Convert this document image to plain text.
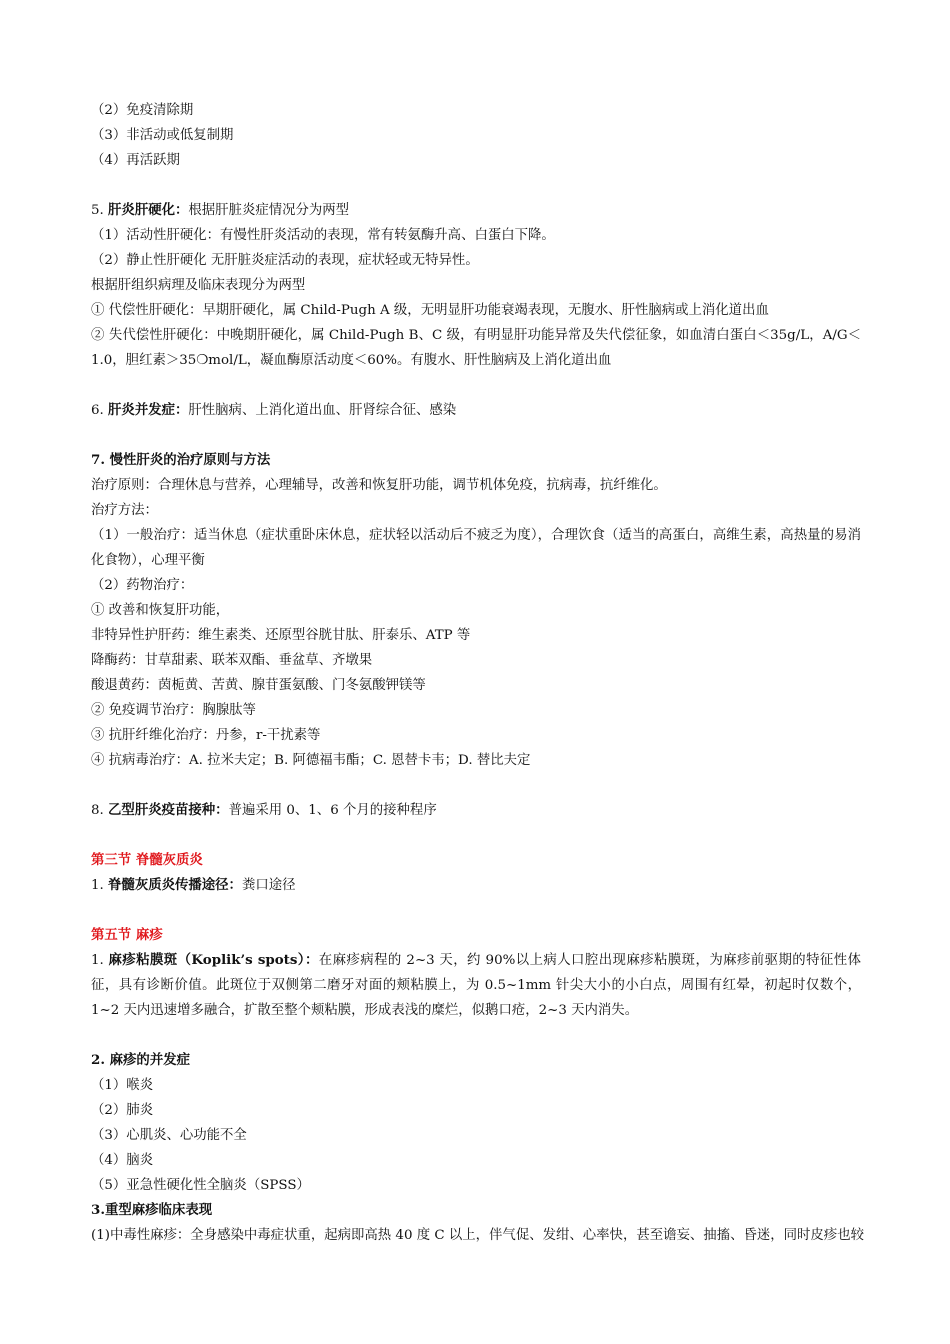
（2）免疫清除期
（3）非活动或低复制期
（4）再活跃期
5. 肝炎肝硬化：根据肝脏炎症情况分为两型
（1）活动性肝硬化：有慢性肝炎活动的表现，常有转氨酶升高、白蛋白下降。
（2）静止性肝硬化 无肝脏炎症活动的表现，症状轻或无特异性。
根据肝组织病理及临床表现分为两型
① 代偿性肝硬化：早期肝硬化，属 Child-Pugh A 级，无明显肝功能衰竭表现，无腹水、肝性脑病或上消化道出血
② 失代偿性肝硬化：中晚期肝硬化，属 Child-Pugh B、C 级，有明显肝功能异常及失代偿征象，如血清白蛋白＜35g/L，A/G＜1.0，胆红素＞35❍mol/L，凝血酶原活动度＜60%。有腹水、肝性脑病及上消化道出血
6. 肝炎并发症：肝性脑病、上消化道出血、肝肾综合征、感染
7. 慢性肝炎的治疗原则与方法
治疗原则：合理休息与营养，心理辅导，改善和恢复肝功能，调节机体免疫，抗病毒，抗纤维化。
治疗方法：
（1）一般治疗：适当休息（症状重卧床休息，症状轻以活动后不疲乏为度），合理饮食（适当的高蛋白，高维生素，高热量的易消化食物），心理平衡
（2）药物治疗：
① 改善和恢复肝功能，
非特异性护肝药：维生素类、还原型谷胱甘肽、肝泰乐、ATP 等
降酶药：甘草甜素、联苯双酯、垂盆草、齐墩果
酸退黄药：茵栀黄、苦黄、腺苷蛋氨酸、门冬氨酸钾镁等
② 免疫调节治疗：胸腺肽等
③ 抗肝纤维化治疗：丹参，r-干扰素等
④ 抗病毒治疗：A. 拉米夫定；B. 阿德福韦酯；C. 恩替卡韦；D. 替比夫定
8. 乙型肝炎疫苗接种：普遍采用 0、1、6 个月的接种程序
第三节 脊髓灰质炎
1. 脊髓灰质炎传播途径：粪口途径
第五节 麻疹
1. 麻疹粘膜斑（Koplik’s spots）：在麻疹病程的 2~3 天，约 90%以上病人口腔出现麻疹粘膜斑，为麻疹前驱期的特征性体征，具有诊断价值。此斑位于双侧第二磨牙对面的颊粘膜上，为 0.5~1mm 针尖大小的小白点，周围有红晕，初起时仅数个，1~2 天内迅速增多融合，扩散至整个颊粘膜，形成表浅的糜烂，似鹅口疮，2~3 天内消失。
2. 麻疹的并发症
（1）喉炎
（2）肺炎
（3）心肌炎、心功能不全
（4）脑炎
（5）亚急性硬化性全脑炎（SPSS）
3.重型麻疹临床表现
(1)中毒性麻疹：全身感染中毒症状重，起病即高热 40 度 C 以上，伴气促、发绀、心率快，甚至谵妄、抽搐、昏迷，同时皮疹也较
